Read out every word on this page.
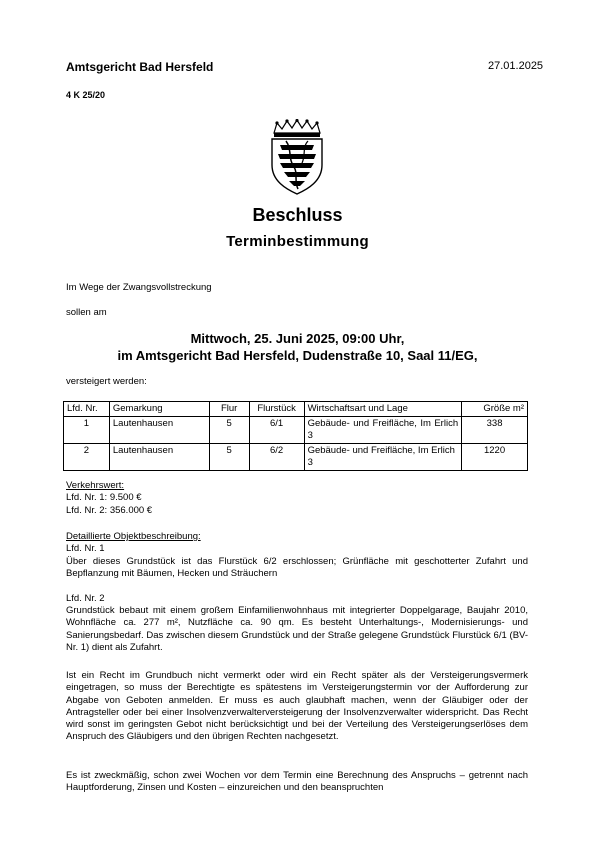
Amtsgericht Bad Hersfeld	27.01.2025
4 K 25/20
Beschluss
Terminbestimmung
Im Wege der Zwangsvollstreckung
sollen am
Mittwoch, 25. Juni 2025, 09:00 Uhr,
im Amtsgericht Bad Hersfeld, Dudenstraße 10, Saal 11/EG,
versteigert werden:
Lfd. Nr.	Gemarkung	Flur	Flurstück	Wirtschaftsart und Lage	Größe m²
1	Lautenhausen	5	6/1	Gebäude- und Freifläche, Im Erlich 3	338
2	Lautenhausen	5	6/2	Gebäude- und Freifläche, Im Erlich 3	1220
Verkehrswert:
Lfd. Nr. 1: 9.500 €
Lfd. Nr. 2: 356.000 €
Detaillierte Objektbeschreibung:
Lfd. Nr. 1
Über dieses Grundstück ist das Flurstück 6/2 erschlossen; Grünfläche mit geschotterter Zufahrt und Bepflanzung mit Bäumen, Hecken und Sträuchern
Lfd. Nr. 2
Grundstück bebaut mit einem großem Einfamilienwohnhaus mit integrierter Doppelgarage, Baujahr 2010, Wohnfläche ca. 277 m², Nutzfläche ca. 90 qm. Es besteht Unterhaltungs-, Modernisierungs- und Sanierungsbedarf. Das zwischen diesem Grundstück und der Straße gelegene Grundstück Flurstück 6/1 (BV-Nr. 1) dient als Zufahrt.
Ist ein Recht im Grundbuch nicht vermerkt oder wird ein Recht später als der Versteigerungsvermerk eingetragen, so muss der Berechtigte es spätestens im Versteigerungstermin vor der Aufforderung zur Abgabe von Geboten anmelden. Er muss es auch glaubhaft machen, wenn der Gläubiger oder der Antragsteller oder bei einer Insolvenzverwalterversteigerung der Insolvenzverwalter widerspricht. Das Recht wird sonst im geringsten Gebot nicht berücksichtigt und bei der Verteilung des Versteigerungserlöses dem Anspruch des Gläubigers und den übrigen Rechten nachgesetzt.
Es ist zweckmäßig, schon zwei Wochen vor dem Termin eine Berechnung des Anspruchs – getrennt nach Hauptforderung, Zinsen und Kosten – einzureichen und den beanspruchten
